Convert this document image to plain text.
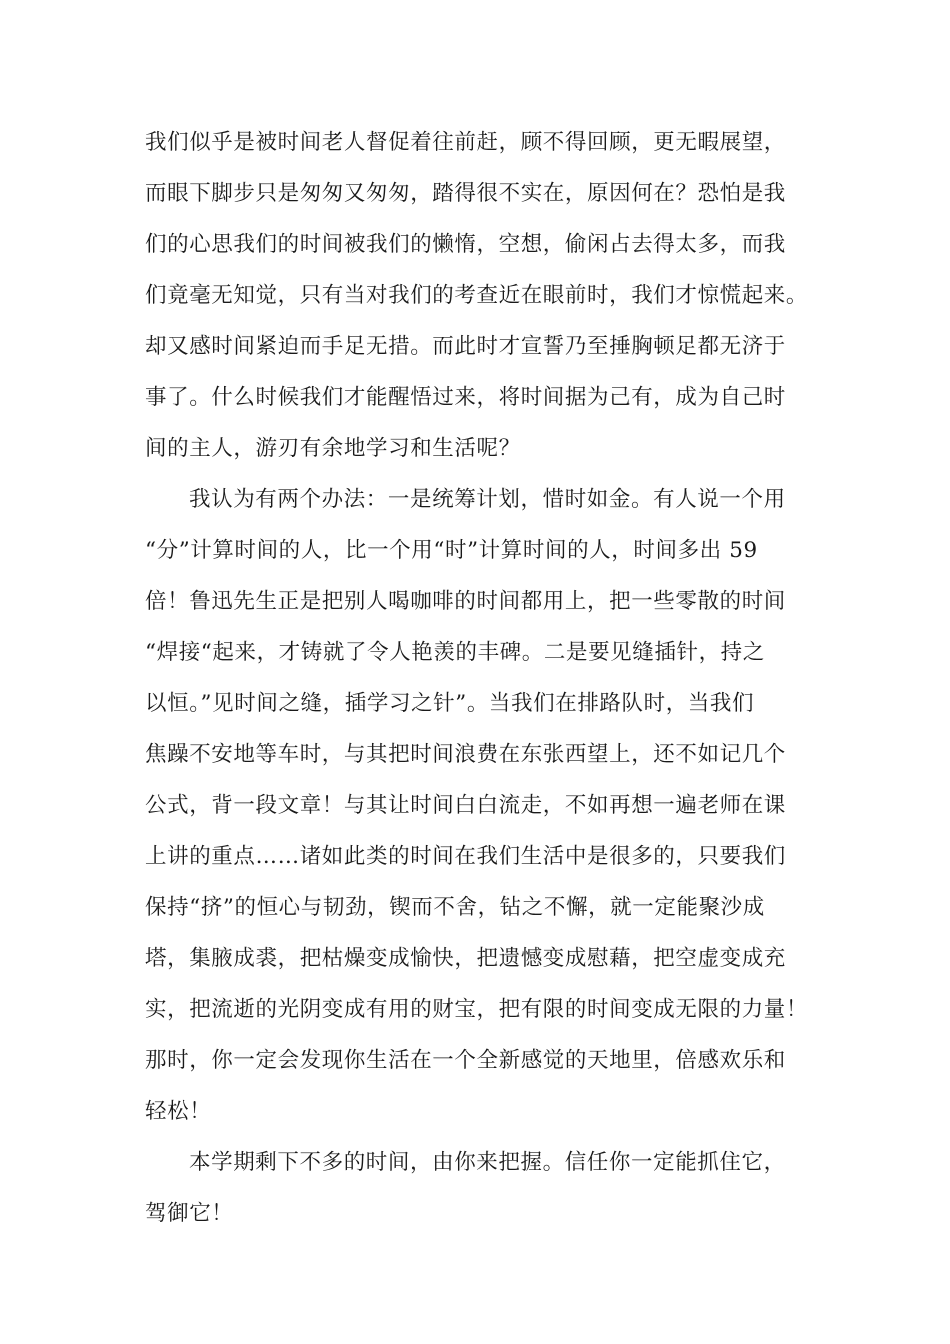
我们似乎是被时间老人督促着往前赶，顾不得回顾，更无暇展望，
而眼下脚步只是匆匆又匆匆，踏得很不实在，原因何在？恐怕是我
们的心思我们的时间被我们的懒惰，空想，偷闲占去得太多，而我
们竟毫无知觉，只有当对我们的考查近在眼前时，我们才惊慌起来。
却又感时间紧迫而手足无措。而此时才宣誓乃至捶胸顿足都无济于
事了。什么时候我们才能醒悟过来，将时间据为己有，成为自己时
间的主人，游刃有余地学习和生活呢？
我认为有两个办法：一是统筹计划，惜时如金。有人说一个用
“分”计算时间的人，比一个用“时”计算时间的人，时间多出 59
倍！鲁迅先生正是把别人喝咖啡的时间都用上，把一些零散的时间
“焊接“起来，才铸就了令人艳羡的丰碑。二是要见缝插针，持之
以恒。”见时间之缝，插学习之针”。当我们在排路队时，当我们
焦躁不安地等车时，与其把时间浪费在东张西望上，还不如记几个
公式，背一段文章！与其让时间白白流走，不如再想一遍老师在课
上讲的重点……诸如此类的时间在我们生活中是很多的，只要我们
保持“挤”的恒心与韧劲，锲而不舍，钻之不懈，就一定能聚沙成
塔，集腋成裘，把枯燥变成愉快，把遗憾变成慰藉，把空虚变成充
实，把流逝的光阴变成有用的财宝，把有限的时间变成无限的力量！
那时，你一定会发现你生活在一个全新感觉的天地里，倍感欢乐和
轻松！
本学期剩下不多的时间，由你来把握。信任你一定能抓住它，
驾御它！
